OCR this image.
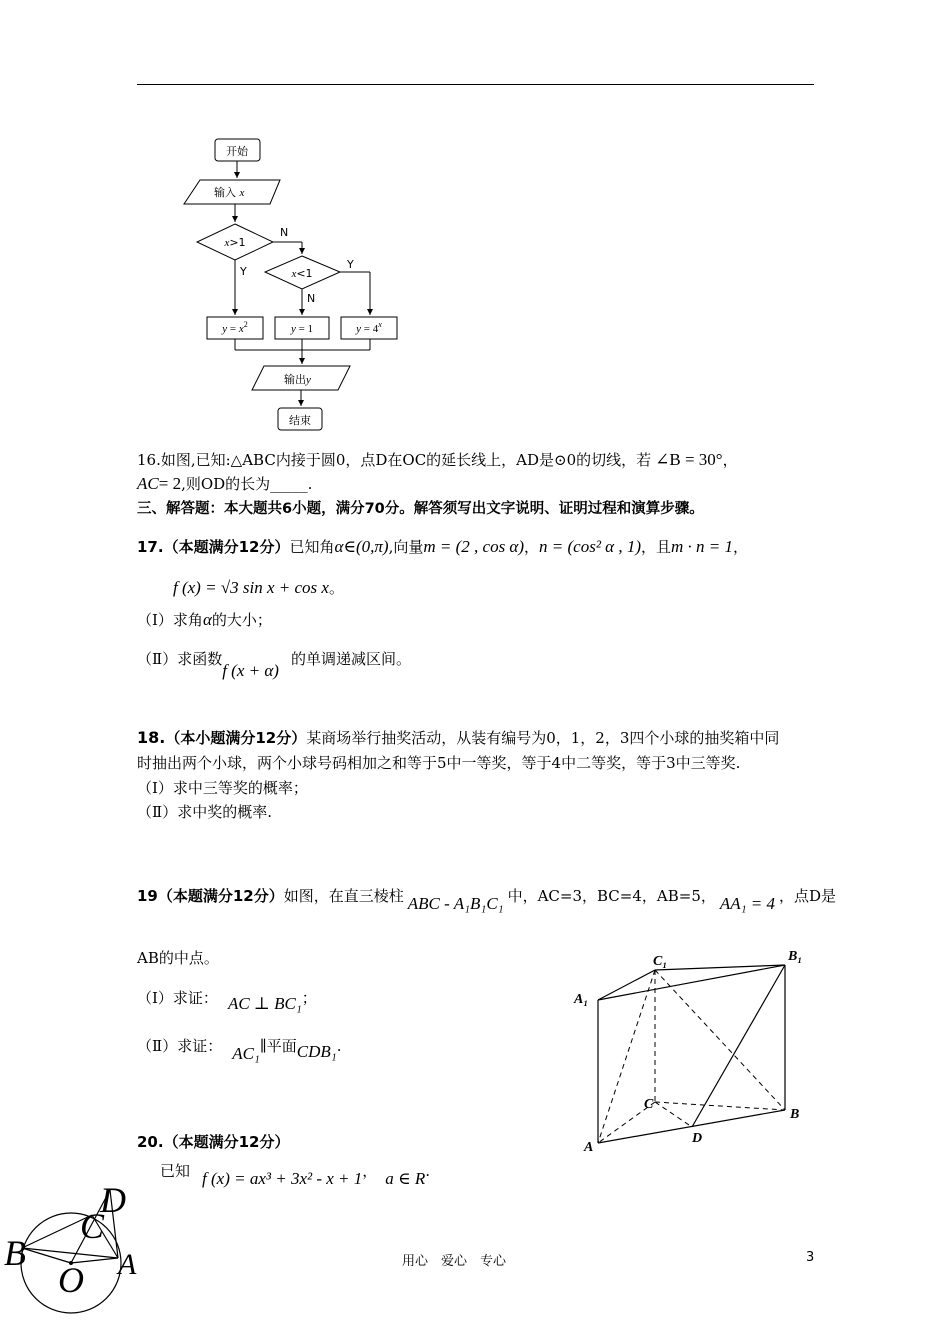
开始
输入 x
x>1
N
Y	x<1
Y
N
$y = x^2$	y = 1	$y = 4^x$
输出y
结束
16.如图,已知:△ABC内接于圆0，点D在OC的延长线上，AD是⊙0的切线，若 ∠B = 30°，
AC= 2,则OD的长为_____.
三、解答题：本大题共6小题，满分70分。解答须写出文字说明、证明过程和演算步骤。
17.（本题满分12分）已知角α∈(0,π),向量m = (2 , cos α)，n = (cos² α , 1)，且m · n = 1，
f (x) = √3 sin x + cos x。
（Ⅰ）求角α的大小；
（Ⅱ）求函数f (x + α)的单调递减区间。
18.（本小题满分12分）某商场举行抽奖活动，从装有编号为0，1，2，3四个小球的抽奖箱中同
时抽出两个小球，两个小球号码相加之和等于5中一等奖，等于4中二等奖，等于3中三等奖.
（Ⅰ）求中三等奖的概率；
（Ⅱ）求中奖的概率.
19（本题满分12分）如图，在直三棱柱 ABC - A₁B₁C₁ 中，AC=3，BC=4，AB=5， AA₁ = 4 ，点D是
AB的中点。
（Ⅰ）求证： AC ⊥ BC₁；
（Ⅱ）求证： AC₁∥平面CDB₁.
C₁	B₁
A₁
C
B
A
D
20.（本题满分12分）
已知 f (x) = ax³ + 3x² - x + 1， a ∈ R.
B
C
D
O A	用心　爱心　专心	3
